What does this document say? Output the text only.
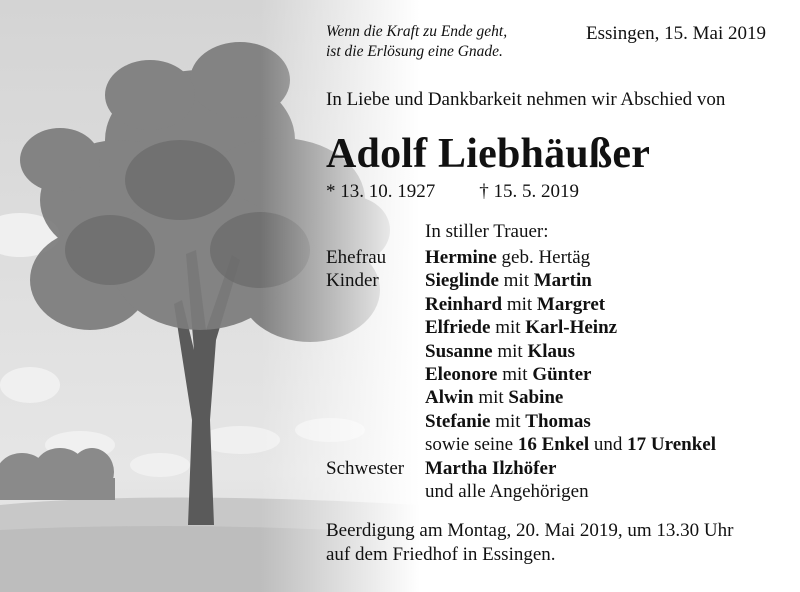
Wenn die Kraft zu Ende geht,
ist die Erlösung eine Gnade.
Essingen, 15. Mai 2019
In Liebe und Dankbarkeit nehmen wir Abschied von
Adolf Liebhäußer
* 13. 10. 1927 † 15. 5. 2019
In stiller Trauer:
Ehefrau	Hermine geb. Hertäg
Kinder	Sieglinde mit Martin
Reinhard mit Margret
Elfriede mit Karl-Heinz
Susanne mit Klaus
Eleonore mit Günter
Alwin mit Sabine
Stefanie mit Thomas
sowie seine 16 Enkel und 17 Urenkel
Schwester	Martha Ilzhöfer
und alle Angehörigen
Beerdigung am Montag, 20. Mai 2019, um 13.30 Uhr
auf dem Friedhof in Essingen.
